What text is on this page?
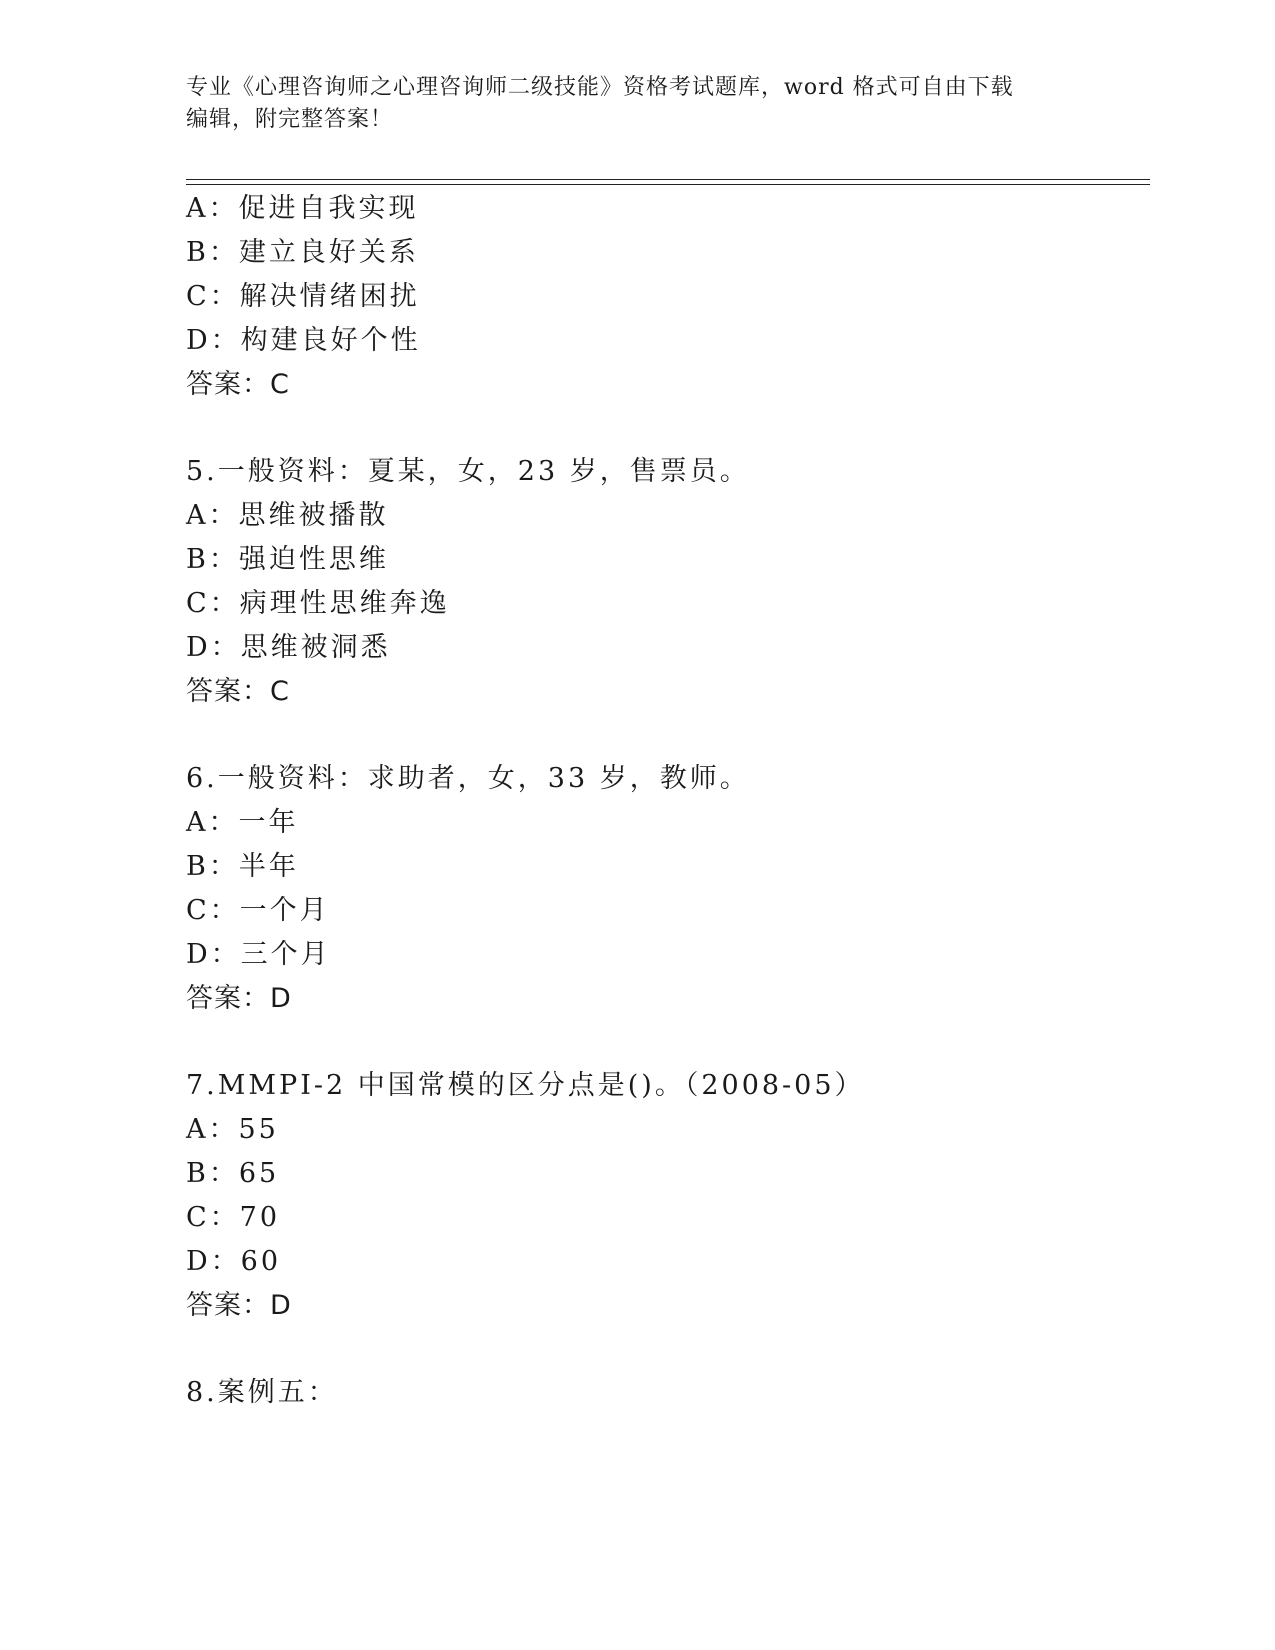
专业《心理咨询师之心理咨询师二级技能》资格考试题库，word 格式可自由下载
编辑，附完整答案！
A：促进自我实现
B：建立良好关系
C：解决情绪困扰
D：构建良好个性
答案：C
5.一般资料：夏某，女，23 岁，售票员。
A：思维被播散
B：强迫性思维
C：病理性思维奔逸
D：思维被洞悉
答案：C
6.一般资料：求助者，女，33 岁，教师。
A：一年
B：半年
C：一个月
D：三个月
答案：D
7.MMPI-2 中国常模的区分点是()。（2008-05）
A：55
B：65
C：70
D：60
答案：D
8.案例五：
